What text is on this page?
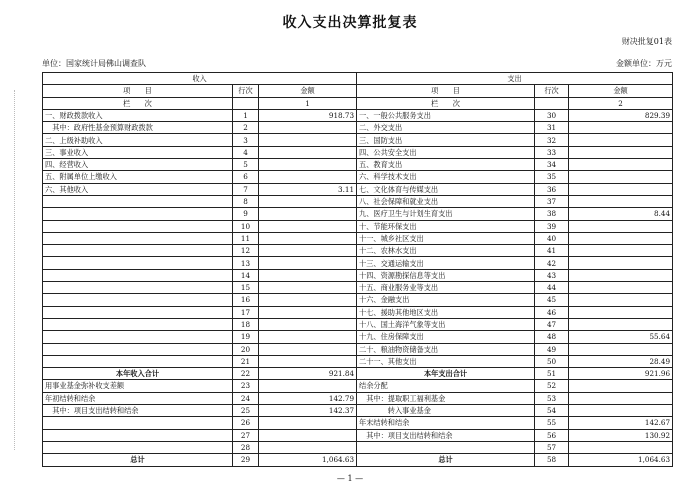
收入支出决算批复表
财决批复01表
单位：国家统计局佛山调查队	金额单位：万元
收入			支出		
项　　目	行次	金额	项　　目	行次	金额
栏　　次		1	栏　　次		2
一、财政拨款收入	1	918.73	一、一般公共服务支出	30	829.39
　其中：政府性基金预算财政拨款	2		二、外交支出	31	
二、上级补助收入	3		三、国防支出	32	
三、事业收入	4		四、公共安全支出	33	
四、经营收入	5		五、教育支出	34	
五、附属单位上缴收入	6		六、科学技术支出	35	
六、其他收入	7	3.11	七、文化体育与传媒支出	36	
	8		八、社会保障和就业支出	37	
	9		九、医疗卫生与计划生育支出	38	8.44
	10		十、节能环保支出	39	
	11		十一、城乡社区支出	40	
	12		十二、农林水支出	41	
	13		十三、交通运输支出	42	
	14		十四、资源勘探信息等支出	43	
	15		十五、商业服务业等支出	44	
	16		十六、金融支出	45	
	17		十七、援助其他地区支出	46	
	18		十八、国土海洋气象等支出	47	
	19		十九、住房保障支出	48	55.64
	20		二十、粮油物资储备支出	49	
	21		二十一、其他支出	50	28.49
本年收入合计	22	921.84	本年支出合计	51	921.96
用事业基金弥补收支差额	23		结余分配	52	
年初结转和结余	24	142.79	　其中：提取职工福利基金	53	
　其中：项目支出结转和结余	25	142.37	　　　　转入事业基金	54	
	26		年末结转和结余	55	142.67
	27		　其中：项目支出结转和结余	56	130.92
	28			57	
总计	29	1,064.63	总计	58	1,064.63
— 1 —
